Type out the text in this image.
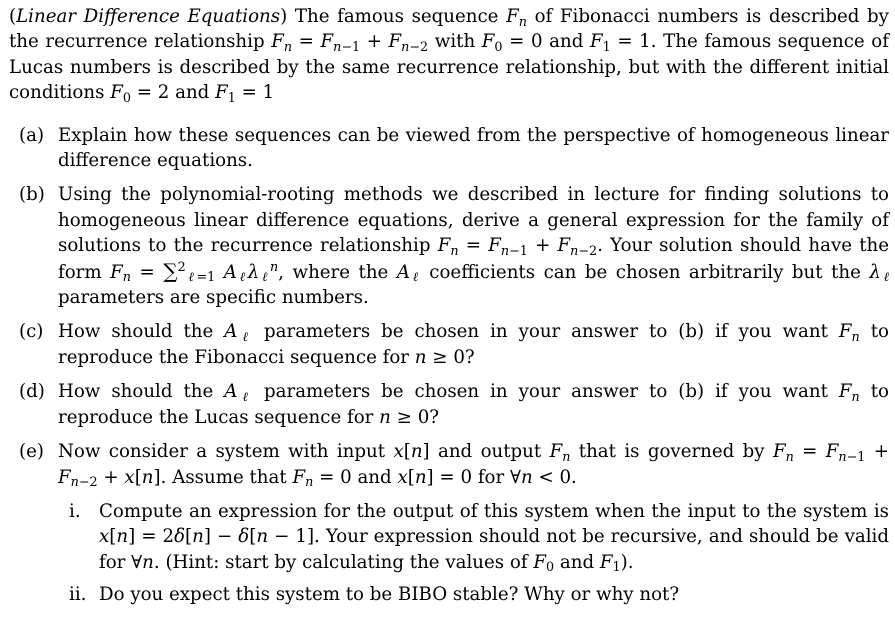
(Linear Difference Equations) The famous sequence $F_n$ of Fibonacci numbers is described by the recurrence relationship $F_n = F_{n-1} + F_{n-2}$ with $F_0 = 0$ and $F_1 = 1$. The famous sequence of Lucas numbers is described by the same recurrence relationship, but with the different initial conditions $F_0 = 2$ and $F_1 = 1$
(a) Explain how these sequences can be viewed from the perspective of homogeneous linear difference equations.
(b) Using the polynomial-rooting methods we described in lecture for finding solutions to homogeneous linear difference equations, derive a general expression for the family of solutions to the recurrence relationship $F_n = F_{n-1} + F_{n-2}$. Your solution should have the form $F_n = \sum^2_{\ell=1}$ $A_\ell\lambda_\ell^n$, where the $A_\ell$ coefficients can be chosen arbitrarily but the $\lambda_\ell$ parameters are specific numbers.
(c) How should the $A_\ell$ parameters be chosen in your answer to (b) if you want $F_n$ to reproduce the Fibonacci sequence for n ≥ 0?
(d) How should the $A_\ell$ parameters be chosen in your answer to (b) if you want $F_n$ to reproduce the Lucas sequence for n ≥ 0?
(e) Now consider a system with input x[n] and output $F_n$ that is governed by $F_n = F_{n-1} + F_{n-2} + x[n]$. Assume that $F_n = 0$ and x[n] = 0 for ∀n < 0.
i. Compute an expression for the output of this system when the input to the system is x[n] = 2δ[n] − δ[n − 1]. Your expression should not be recursive, and should be valid for ∀n. (Hint: start by calculating the values of $F_0$ and $F_1$).
ii. Do you expect this system to be BIBO stable? Why or why not?
